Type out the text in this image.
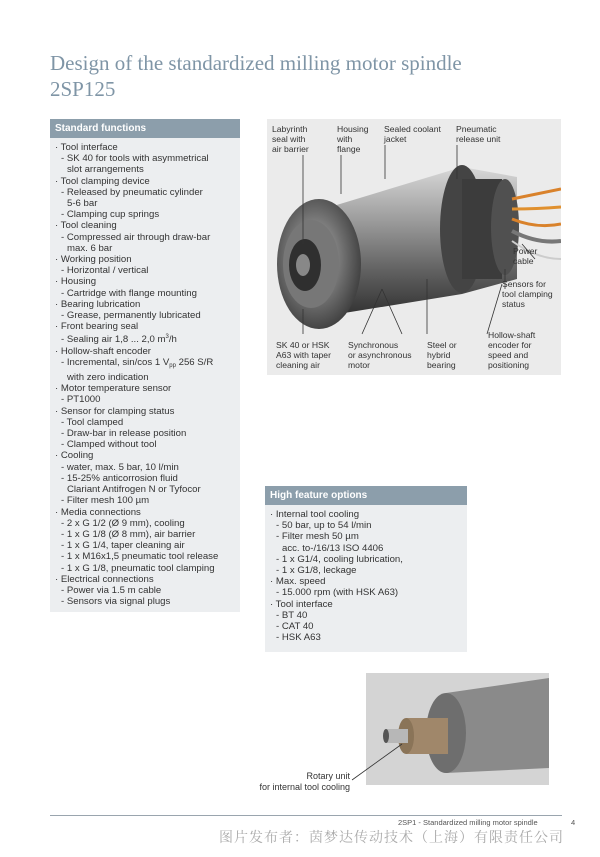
Design of the standardized milling motor spindle
2SP125
Standard functions
· Tool interface
- SK 40 for tools with asymmetrical
slot arrangements
· Tool clamping device
- Released by pneumatic cylinder
5-6 bar
- Clamping cup springs
· Tool cleaning
- Compressed air through draw-bar
max. 6 bar
· Working position
- Horizontal / vertical
· Housing
- Cartridge with flange mounting
· Bearing lubrication
- Grease, permanently lubricated
· Front bearing seal
- Sealing air 1,8 ... 2,0 $m^3/h$
· Hollow-shaft encoder
- Incremental, sin/cos 1 $V_{pp}$ 256 S/R
with zero indication
· Motor temperature sensor
- PT1000
· Sensor for clamping status
- Tool clamped
- Draw-bar in release position
- Clamped without tool
· Cooling
- water, max. 5 bar, 10 l/min
- 15-25% anticorrosion fluid
Clariant Antifrogen N or Tyfocor
- Filter mesh 100 µm
· Media connections
- 2 x G 1/2 (Ø 9 mm), cooling
- 1 x G 1/8 (Ø 8 mm), air barrier
- 1 x G 1/4, taper cleaning air
- 1 x M16x1,5 pneumatic tool release
- 1 x G 1/8, pneumatic tool clamping
· Electrical connections
- Power via 1.5 m cable
- Sensors via signal plugs
Labyrinth
seal with
air barrier
Housing
with
flange
Sealed coolant
jacket
Pneumatic
release unit
Power
cable
Sensors for
tool clamping
status
SK 40 or HSK
A63 with taper
cleaning air
Synchronous
or asynchronous
motor
Steel or
hybrid
bearing
Hollow-shaft
encoder for
speed and
positioning
High feature options
· Internal tool cooling
- 50 bar, up to 54 l/min
- Filter mesh 50 µm
acc. to-/16/13 ISO 4406
- 1 x G1/4, cooling lubrication,
- 1 x G1/8, leckage
· Max. speed
- 15.000 rpm (with HSK A63)
· Tool interface
- BT 40
- CAT 40
- HSK A63
Rotary unit
for internal tool cooling
2SP1 - Standardized milling motor spindle	4
图片发布者：茵梦达传动技术（上海）有限责任公司
